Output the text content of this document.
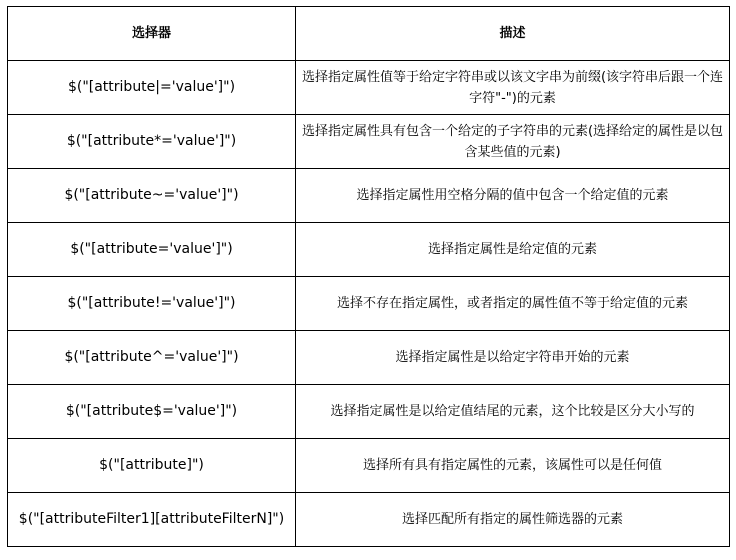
选择器	描述
$("[attribute|='value']")	选择指定属性值等于给定字符串或以该文字串为前缀(该字符串后跟一个连字符"-")的元素
$("[attribute*='value']")	选择指定属性具有包含一个给定的子字符串的元素(选择给定的属性是以包含某些值的元素)
$("[attribute~='value']")	选择指定属性用空格分隔的值中包含一个给定值的元素
$("[attribute='value']")	选择指定属性是给定值的元素
$("[attribute!='value']")	选择不存在指定属性，或者指定的属性值不等于给定值的元素
$("[attribute^='value']")	选择指定属性是以给定字符串开始的元素
$("[attribute$='value']")	选择指定属性是以给定值结尾的元素，这个比较是区分大小写的
$("[attribute]")	选择所有具有指定属性的元素，该属性可以是任何值
$("[attributeFilter1][attributeFilterN]")	选择匹配所有指定的属性筛选器的元素
